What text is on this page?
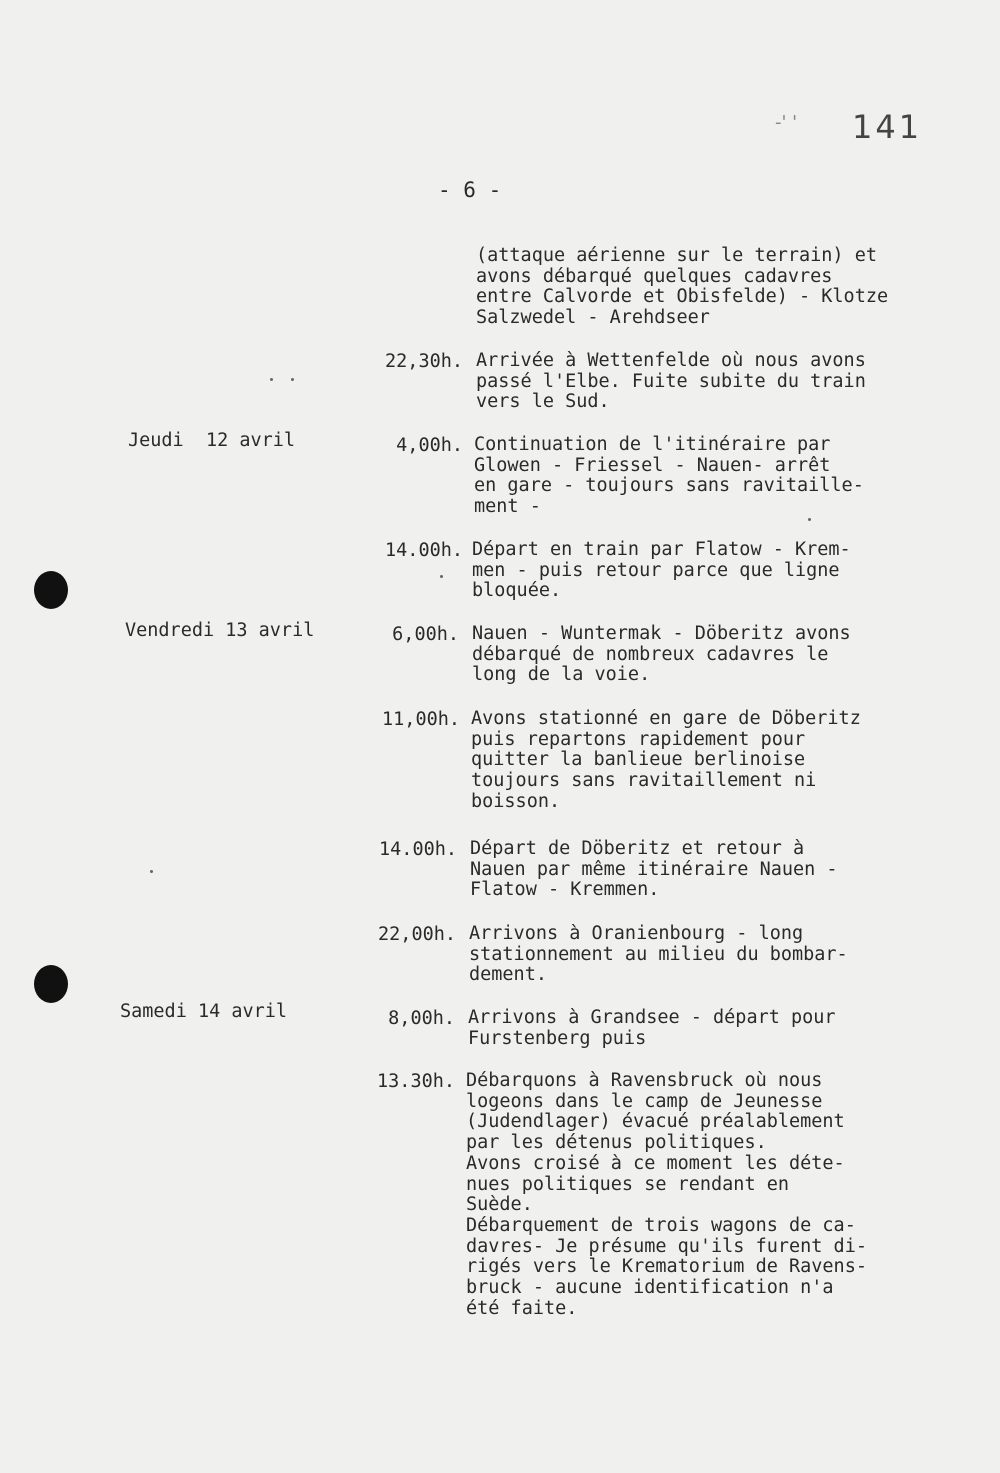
-' ' 141
- 6 -
(attaque aérienne sur le terrain) et
avons débarqué quelques cadavres
entre Calvorde et Obisfelde) - Klotze
Salzwedel - Arehdseer
Jeudi  12 avril
Vendredi 13 avril
Samedi 14 avril
22,30h. Arrivée à Wettenfelde où nous avons
passé l'Elbe. Fuite subite du train
vers le Sud.
4,00h. Continuation de l'itinéraire par
Glowen - Friessel - Nauen- arrêt
en gare - toujours sans ravitaille-
ment -
14.00h. Départ en train par Flatow - Krem-
men - puis retour parce que ligne
bloquée.
6,00h. Nauen - Wuntermak - Döberitz avons
débarqué de nombreux cadavres le
long de la voie.
11,00h. Avons stationné en gare de Döberitz
puis repartons rapidement pour
quitter la banlieue berlinoise
toujours sans ravitaillement ni
boisson.
14.00h. Départ de Döberitz et retour à
Nauen par même itinéraire Nauen -
Flatow - Kremmen.
22,00h. Arrivons à Oranienbourg - long
stationnement au milieu du bombar-
dement.
8,00h. Arrivons à Grandsee - départ pour
Furstenberg puis
13.30h. Débarquons à Ravensbruck où nous
logeons dans le camp de Jeunesse
(Judendlager) évacué préalablement
par les détenus politiques.
Avons croisé à ce moment les déte-
nues politiques se rendant en
Suède.
Débarquement de trois wagons de ca-
davres- Je présume qu'ils furent di-
rigés vers le Krematorium de Ravens-
bruck - aucune identification n'a
été faite.
